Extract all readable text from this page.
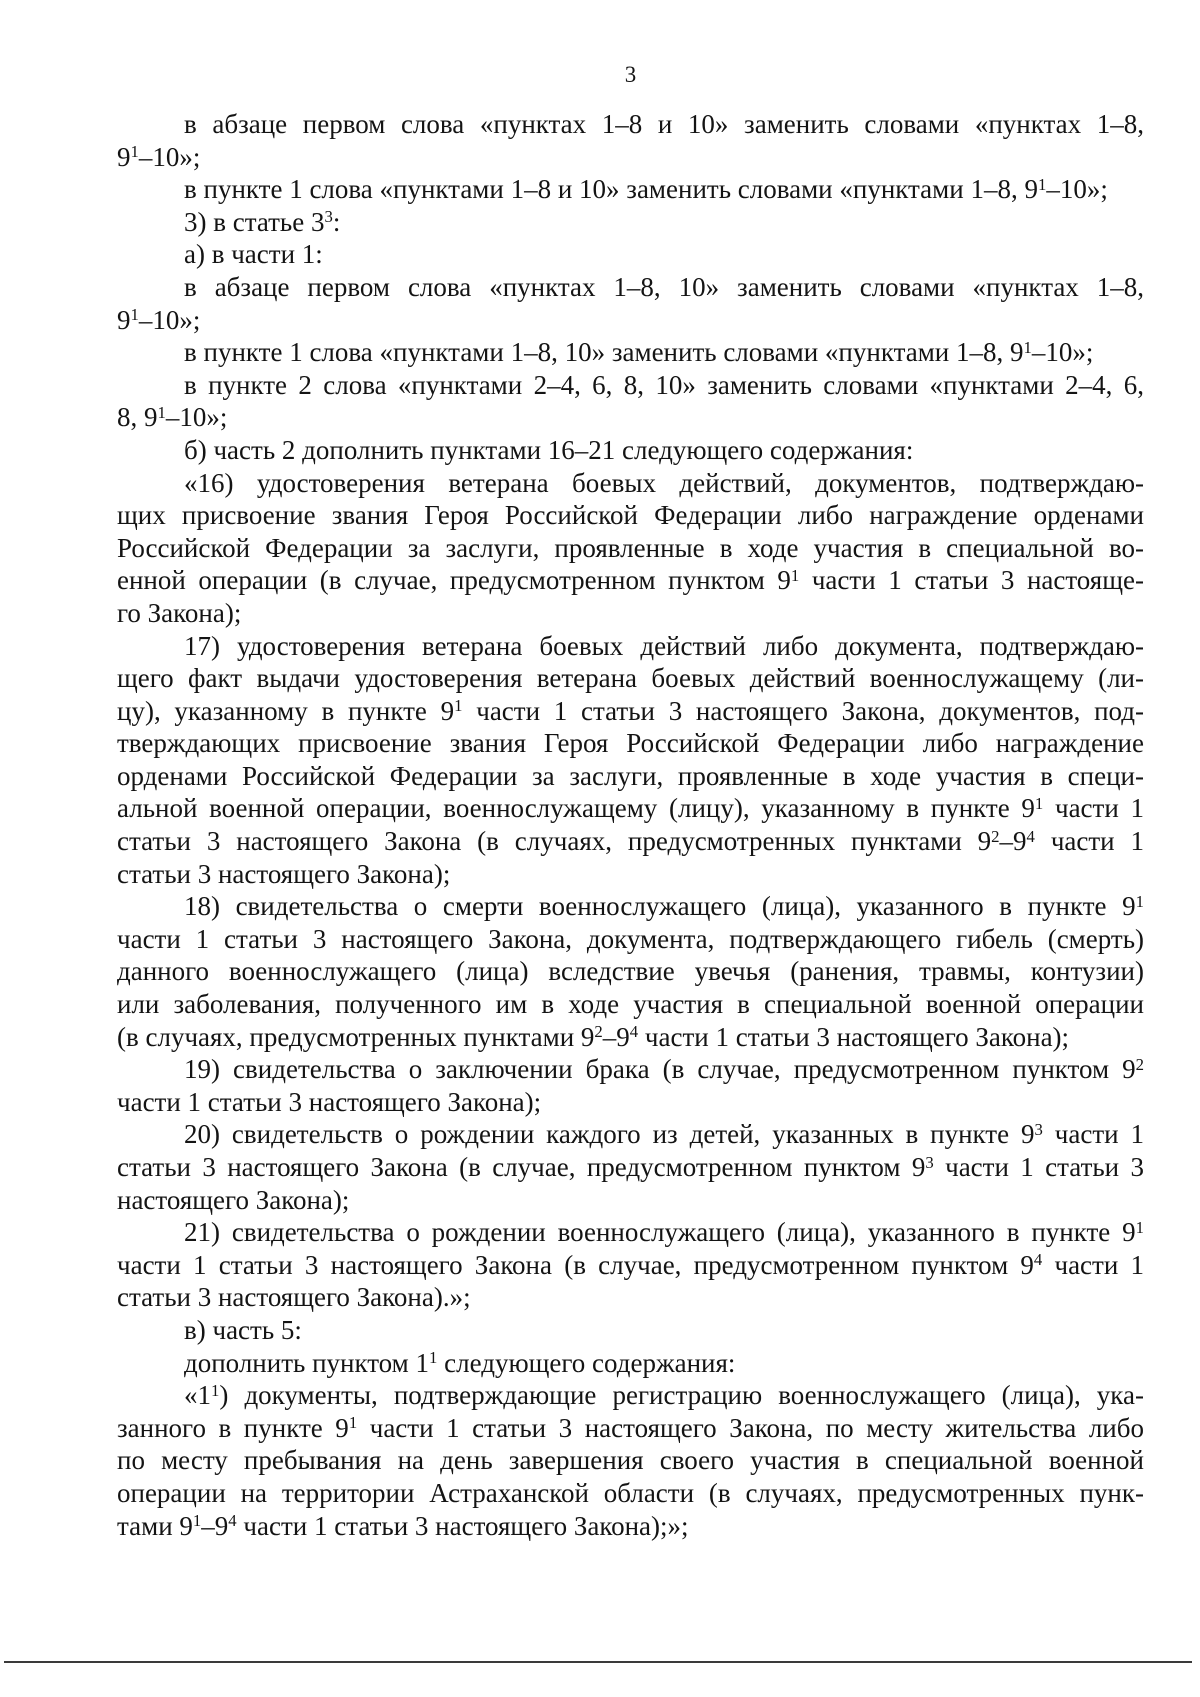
3
в абзаце первом слова «пунктах 1–8 и 10» заменить словами «пунктах 1–8,
$9^1-10$»;
в пункте 1 слова «пунктами 1–8 и 10» заменить словами «пунктами 1–8, $9^1-10$»;
3) в статье $3^3$:
а) в части 1:
в абзаце первом слова «пунктах 1–8, 10» заменить словами «пунктах 1–8,
$9^1-10$»;
в пункте 1 слова «пунктами 1–8, 10» заменить словами «пунктами 1–8, $9^1-10$»;
в пункте 2 слова «пунктами 2–4, 6, 8, 10» заменить словами «пунктами 2–4, 6,
8, $9^1-10$»;
б) часть 2 дополнить пунктами 16–21 следующего содержания:
«16) удостоверения ветерана боевых действий, документов, подтверждаю-
щих присвоение звания Героя Российской Федерации либо награждение орденами
Российской Федерации за заслуги, проявленные в ходе участия в специальной во-
енной операции (в случае, предусмотренном пунктом $9^1$ части 1 статьи 3 настояще-
го Закона);
17) удостоверения ветерана боевых действий либо документа, подтверждаю-
щего факт выдачи удостоверения ветерана боевых действий военнослужащему (ли-
цу), указанному в пункте $9^1$ части 1 статьи 3 настоящего Закона, документов, под-
тверждающих присвоение звания Героя Российской Федерации либо награждение
орденами Российской Федерации за заслуги, проявленные в ходе участия в специ-
альной военной операции, военнослужащему (лицу), указанному в пункте $9^1$ части 1
статьи 3 настоящего Закона (в случаях, предусмотренных пунктами $9^2-9^4$ части 1
статьи 3 настоящего Закона);
18) свидетельства о смерти военнослужащего (лица), указанного в пункте $9^1$
части 1 статьи 3 настоящего Закона, документа, подтверждающего гибель (смерть)
данного военнослужащего (лица) вследствие увечья (ранения, травмы, контузии)
или заболевания, полученного им в ходе участия в специальной военной операции
(в случаях, предусмотренных пунктами $9^2-9^4$ части 1 статьи 3 настоящего Закона);
19) свидетельства о заключении брака (в случае, предусмотренном пунктом $9^2$
части 1 статьи 3 настоящего Закона);
20) свидетельств о рождении каждого из детей, указанных в пункте $9^3$ части 1
статьи 3 настоящего Закона (в случае, предусмотренном пунктом $9^3$ части 1 статьи 3
настоящего Закона);
21) свидетельства о рождении военнослужащего (лица), указанного в пункте $9^1$
части 1 статьи 3 настоящего Закона (в случае, предусмотренном пунктом $9^4$ части 1
статьи 3 настоящего Закона).»;
в) часть 5:
дополнить пунктом $1^1$ следующего содержания:
«$1^1$) документы, подтверждающие регистрацию военнослужащего (лица), ука-
занного в пункте $9^1$ части 1 статьи 3 настоящего Закона, по месту жительства либо
по месту пребывания на день завершения своего участия в специальной военной
операции на территории Астраханской области (в случаях, предусмотренных пунк-
тами $9^1-9^4$ части 1 статьи 3 настоящего Закона);»;
